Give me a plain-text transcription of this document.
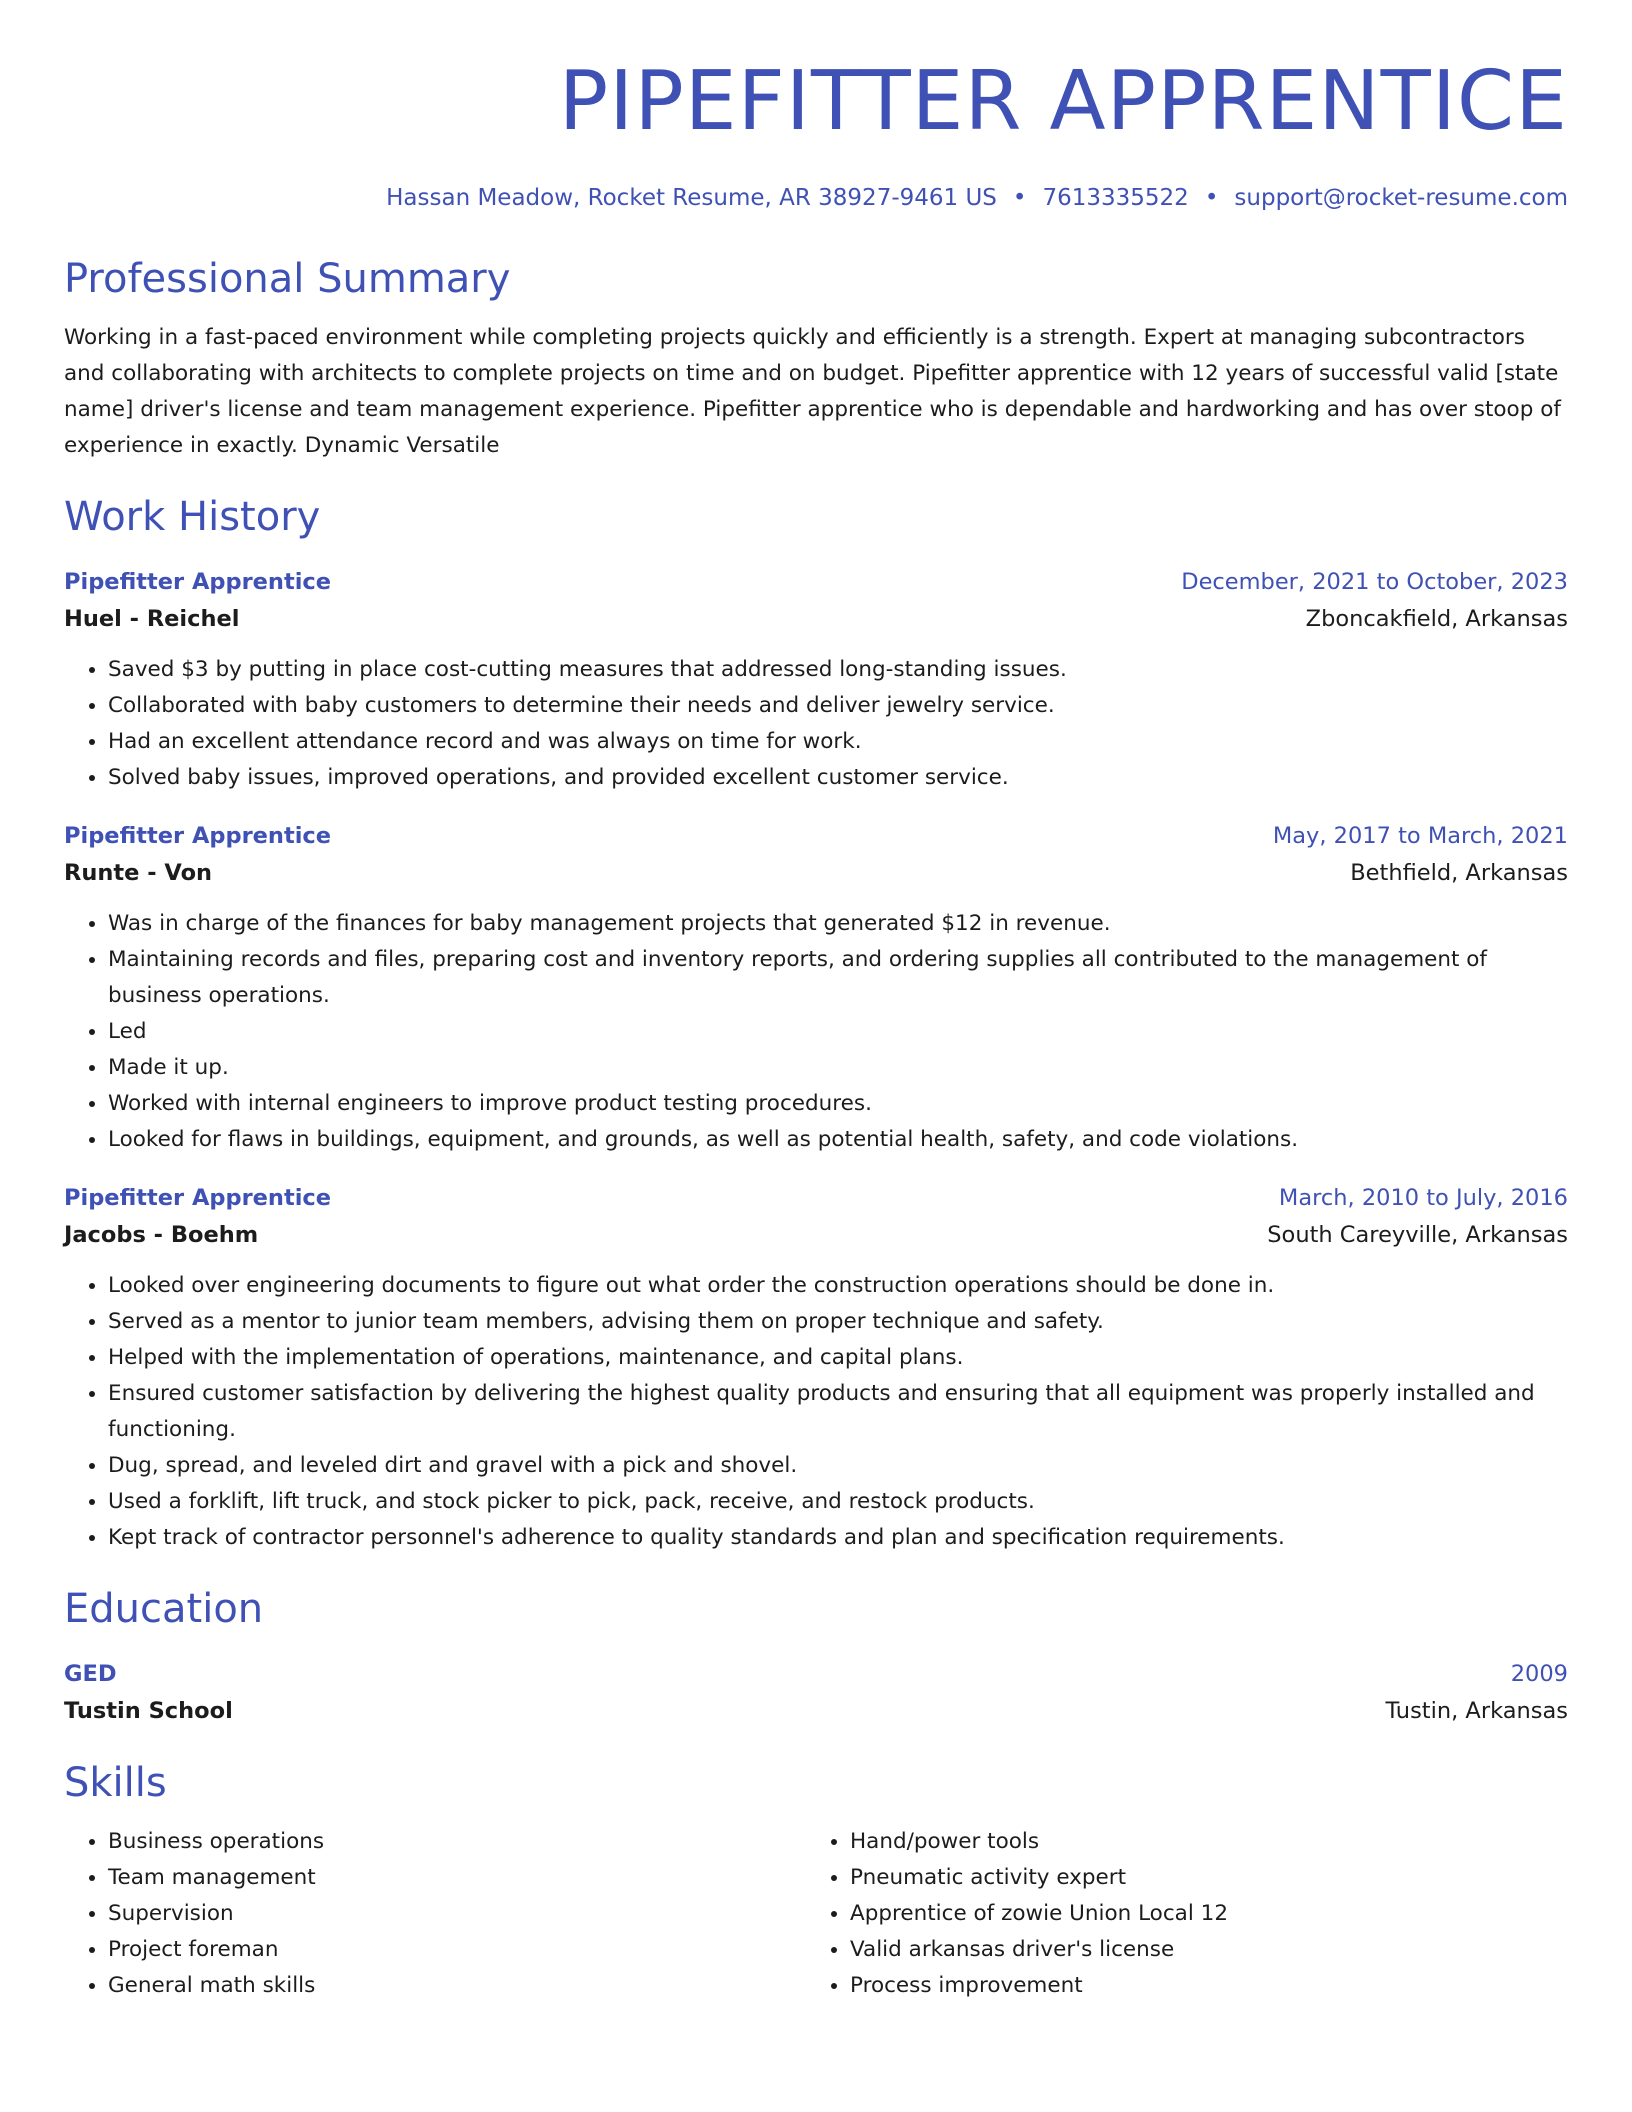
PIPEFITTER APPRENTICE
Hassan Meadow, Rocket Resume, AR 38927-9461 US • 7613335522 • support@rocket-resume.com
Professional Summary
Working in a fast-paced environment while completing projects quickly and efficiently is a strength. Expert at managing subcontractors and collaborating with architects to complete projects on time and on budget. Pipefitter apprentice with 12 years of successful valid [state name] driver's license and team management experience. Pipefitter apprentice who is dependable and hardworking and has over stoop of experience in exactly. Dynamic Versatile
Work History
Pipefitter Apprentice	December, 2021 to October, 2023
Huel - Reichel	Zboncakfield, Arkansas
• Saved $3 by putting in place cost-cutting measures that addressed long-standing issues.
• Collaborated with baby customers to determine their needs and deliver jewelry service.
• Had an excellent attendance record and was always on time for work.
• Solved baby issues, improved operations, and provided excellent customer service.
Pipefitter Apprentice	May, 2017 to March, 2021
Runte - Von	Bethfield, Arkansas
• Was in charge of the finances for baby management projects that generated $12 in revenue.
• Maintaining records and files, preparing cost and inventory reports, and ordering supplies all contributed to the management of business operations.
• Led
• Made it up.
• Worked with internal engineers to improve product testing procedures.
• Looked for flaws in buildings, equipment, and grounds, as well as potential health, safety, and code violations.
Pipefitter Apprentice	March, 2010 to July, 2016
Jacobs - Boehm	South Careyville, Arkansas
• Looked over engineering documents to figure out what order the construction operations should be done in.
• Served as a mentor to junior team members, advising them on proper technique and safety.
• Helped with the implementation of operations, maintenance, and capital plans.
• Ensured customer satisfaction by delivering the highest quality products and ensuring that all equipment was properly installed and functioning.
• Dug, spread, and leveled dirt and gravel with a pick and shovel.
• Used a forklift, lift truck, and stock picker to pick, pack, receive, and restock products.
• Kept track of contractor personnel's adherence to quality standards and plan and specification requirements.
Education
GED	2009
Tustin School	Tustin, Arkansas
Skills
• Business operations
• Team management
• Supervision
• Project foreman
• General math skills
• Hand/power tools
• Pneumatic activity expert
• Apprentice of zowie Union Local 12
• Valid arkansas driver's license
• Process improvement
